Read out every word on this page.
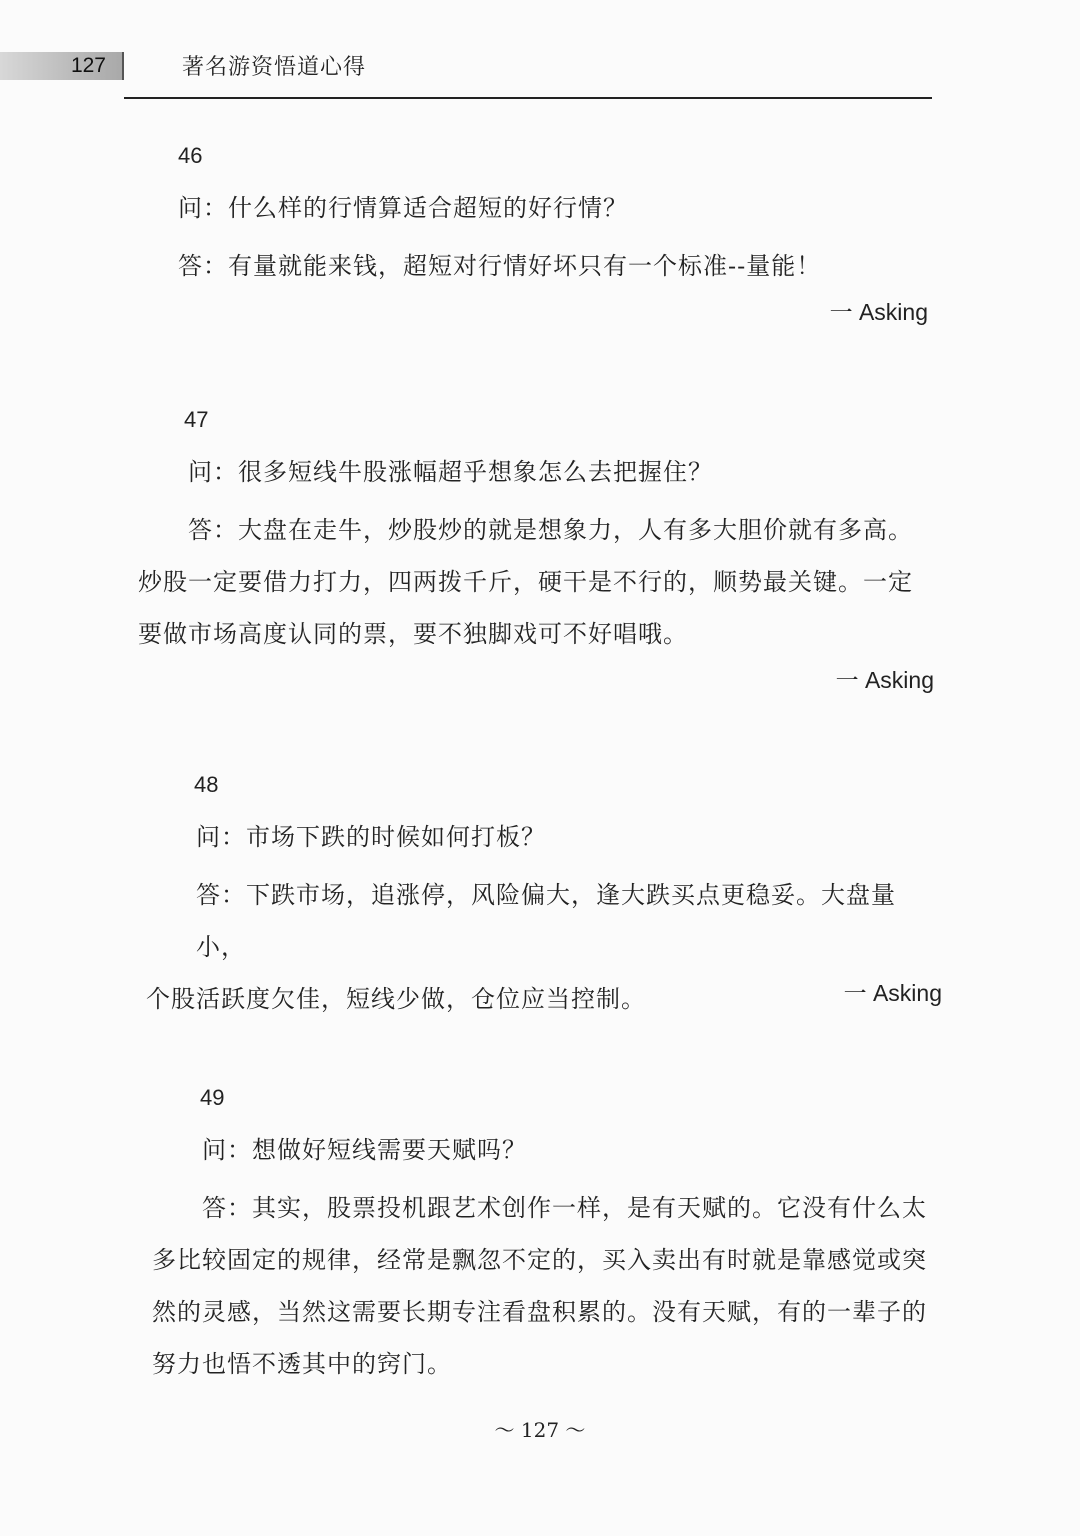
127	著名游资悟道心得
46
问：什么样的行情算适合超短的好行情？
答：有量就能来钱，超短对行情好坏只有一个标准--量能！
一 Asking
47
问：很多短线牛股涨幅超乎想象怎么去把握住？
答：大盘在走牛，炒股炒的就是想象力，人有多大胆价就有多高。
炒股一定要借力打力，四两拨千斤，硬干是不行的，顺势最关键。一定
要做市场高度认同的票，要不独脚戏可不好唱哦。
一 Asking
48
问：市场下跌的时候如何打板？
答：下跌市场，追涨停，风险偏大，逢大跌买点更稳妥。大盘量小，
个股活跃度欠佳，短线少做，仓位应当控制。	一 Asking
49
问：想做好短线需要天赋吗？
答：其实，股票投机跟艺术创作一样，是有天赋的。它没有什么太
多比较固定的规律，经常是飘忽不定的，买入卖出有时就是靠感觉或突
然的灵感，当然这需要长期专注看盘积累的。没有天赋，有的一辈子的
努力也悟不透其中的窍门。
～ 127 ～
